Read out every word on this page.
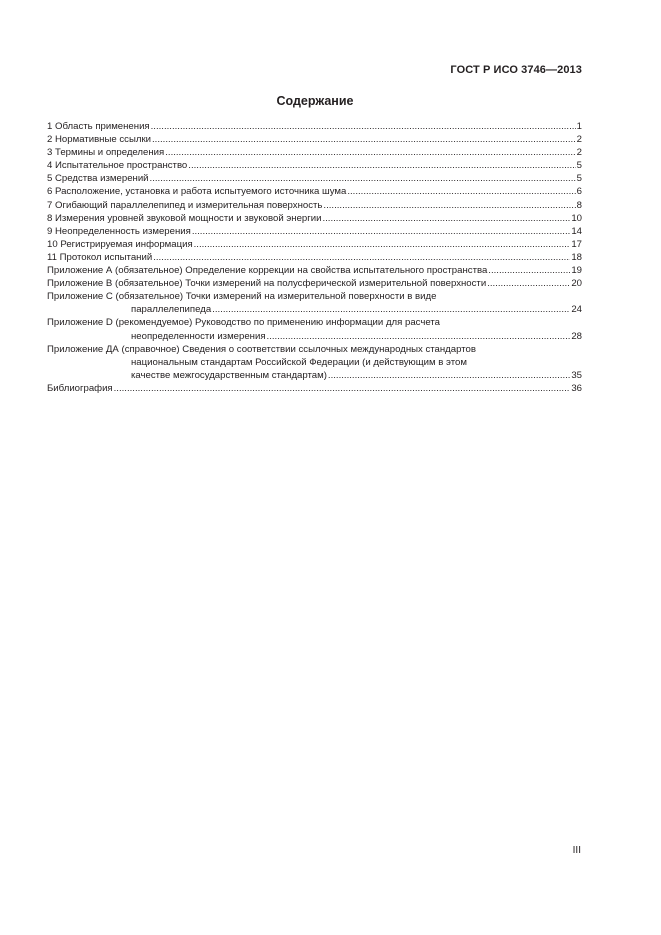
ГОСТ Р ИСО 3746—2013
Содержание
1 Область применения .....	1
2 Нормативные ссылки .....	2
3 Термины и определения .....	2
4 Испытательное пространство .....	5
5 Средства измерений .....	5
6 Расположение, установка и работа испытуемого источника шума .....	6
7 Огибающий параллелепипед и измерительная поверхность .....	8
8 Измерения уровней звуковой мощности и звуковой энергии .....	10
9 Неопределенность измерения .....	14
10 Регистрируемая информация .....	17
11 Протокол испытаний .....	18
Приложение А (обязательное) Определение коррекции на свойства испытательного пространства .....	19
Приложение В (обязательное) Точки измерений на полусферической измерительной поверхности .....	20
Приложение С (обязательное) Точки измерений на измерительной поверхности в виде
параллелепипеда .....	24
Приложение D (рекомендуемое) Руководство по применению информации для расчета
неопределенности измерения .....	28
Приложение ДА (справочное) Сведения о соответствии ссылочных международных стандартов
национальным стандартам Российской Федерации (и действующим в этом
качестве межгосударственным стандартам) .....	35
Библиография .....	36
III
